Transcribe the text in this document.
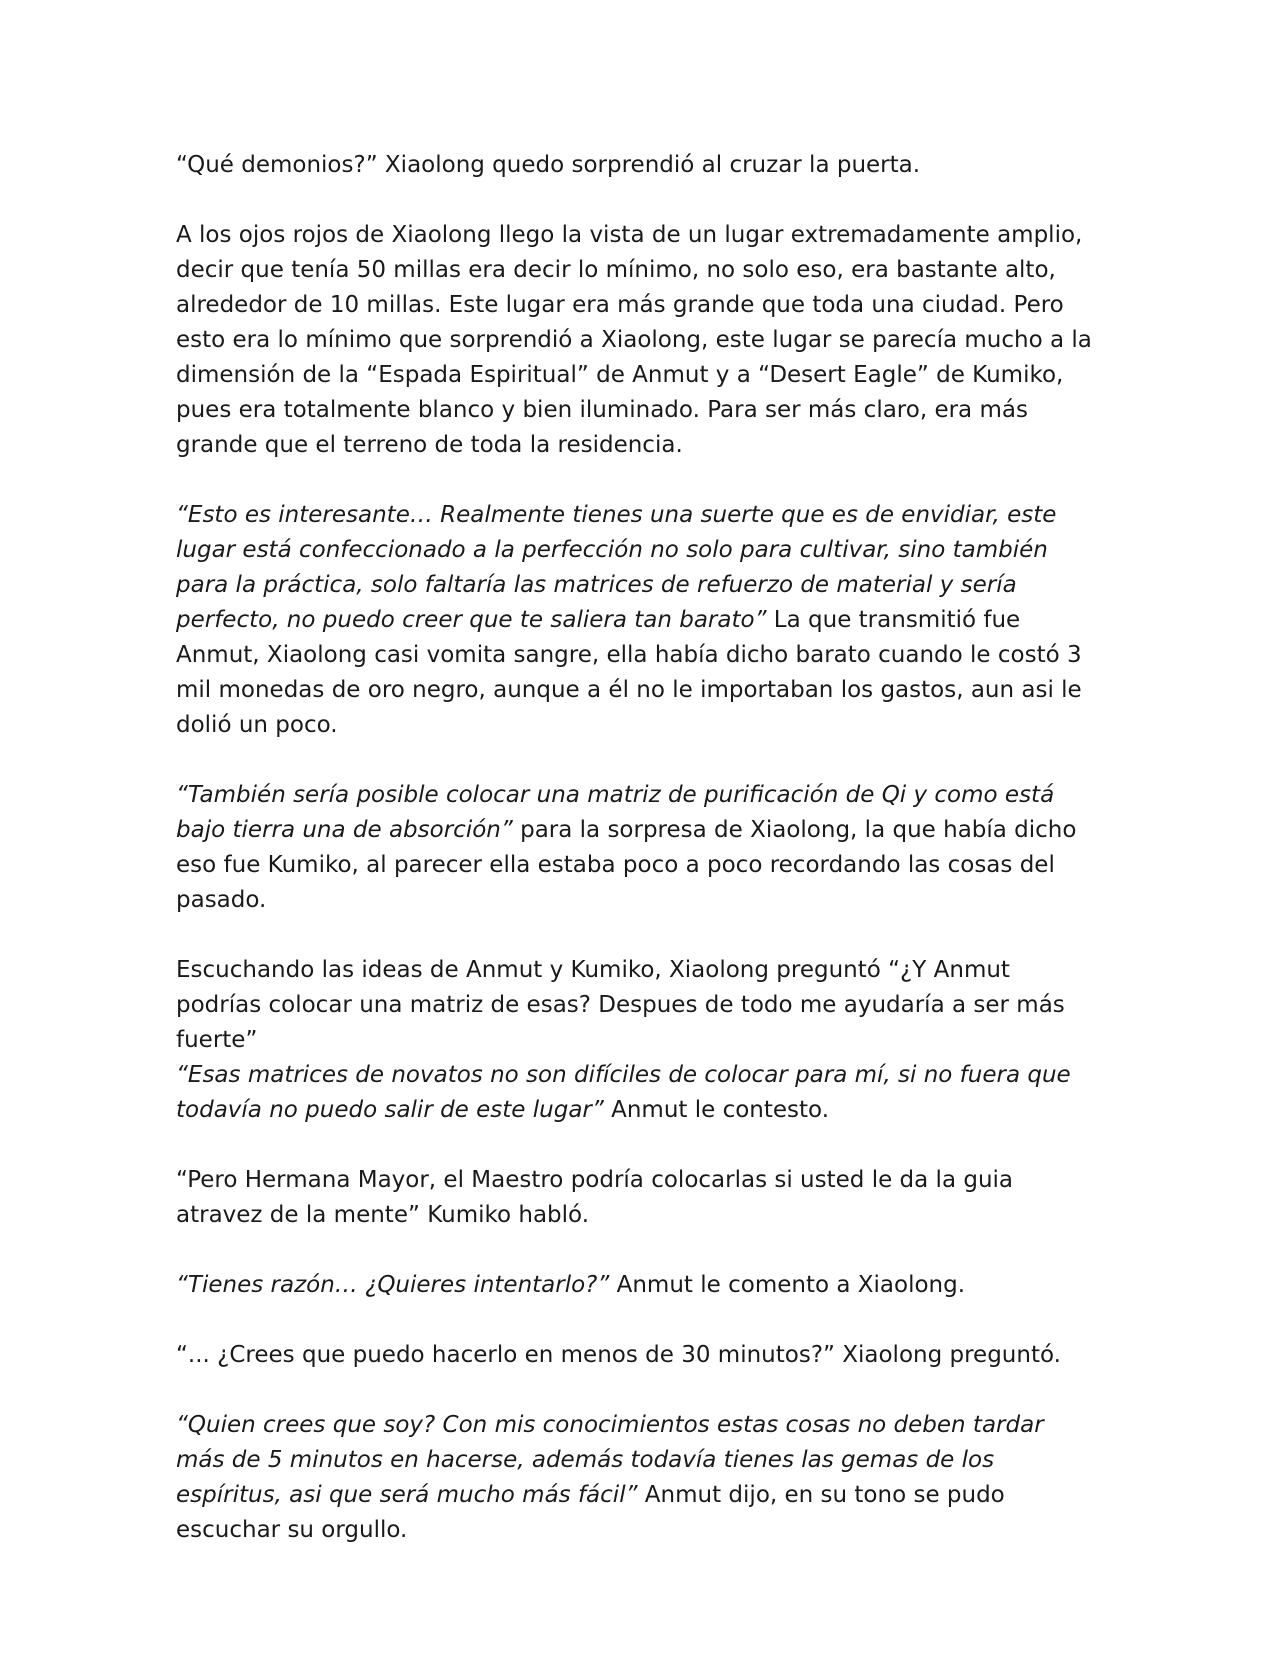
“Qué demonios?” Xiaolong quedo sorprendió al cruzar la puerta.

A los ojos rojos de Xiaolong llego la vista de un lugar extremadamente amplio, decir que tenía 50 millas era decir lo mínimo, no solo eso, era bastante alto, alrededor de 10 millas. Este lugar era más grande que toda una ciudad. Pero esto era lo mínimo que sorprendió a Xiaolong, este lugar se parecía mucho a la dimensión de la “Espada Espiritual” de Anmut y a “Desert Eagle” de Kumiko, pues era totalmente blanco y bien iluminado. Para ser más claro, era más grande que el terreno de toda la residencia.

“Esto es interesante… Realmente tienes una suerte que es de envidiar, este lugar está confeccionado a la perfección no solo para cultivar, sino también para la práctica, solo faltaría las matrices de refuerzo de material y sería perfecto, no puedo creer que te saliera tan barato” La que transmitió fue Anmut, Xiaolong casi vomita sangre, ella había dicho barato cuando le costó 3 mil monedas de oro negro, aunque a él no le importaban los gastos, aun asi le dolió un poco.

“También sería posible colocar una matriz de purificación de Qi y como está bajo tierra una de absorción” para la sorpresa de Xiaolong, la que había dicho eso fue Kumiko, al parecer ella estaba poco a poco recordando las cosas del pasado.

Escuchando las ideas de Anmut y Kumiko, Xiaolong preguntó “¿Y Anmut podrías colocar una matriz de esas? Despues de todo me ayudaría a ser más fuerte”

“Esas matrices de novatos no son difíciles de colocar para mí, si no fuera que todavía no puedo salir de este lugar” Anmut le contesto.

“Pero Hermana Mayor, el Maestro podría colocarlas si usted le da la guia atravez de la mente” Kumiko habló.

“Tienes razón… ¿Quieres intentarlo?” Anmut le comento a Xiaolong.

“... ¿Crees que puedo hacerlo en menos de 30 minutos?” Xiaolong preguntó.

“Quien crees que soy? Con mis conocimientos estas cosas no deben tardar más de 5 minutos en hacerse, además todavía tienes las gemas de los espíritus, asi que será mucho más fácil” Anmut dijo, en su tono se pudo escuchar su orgullo.
